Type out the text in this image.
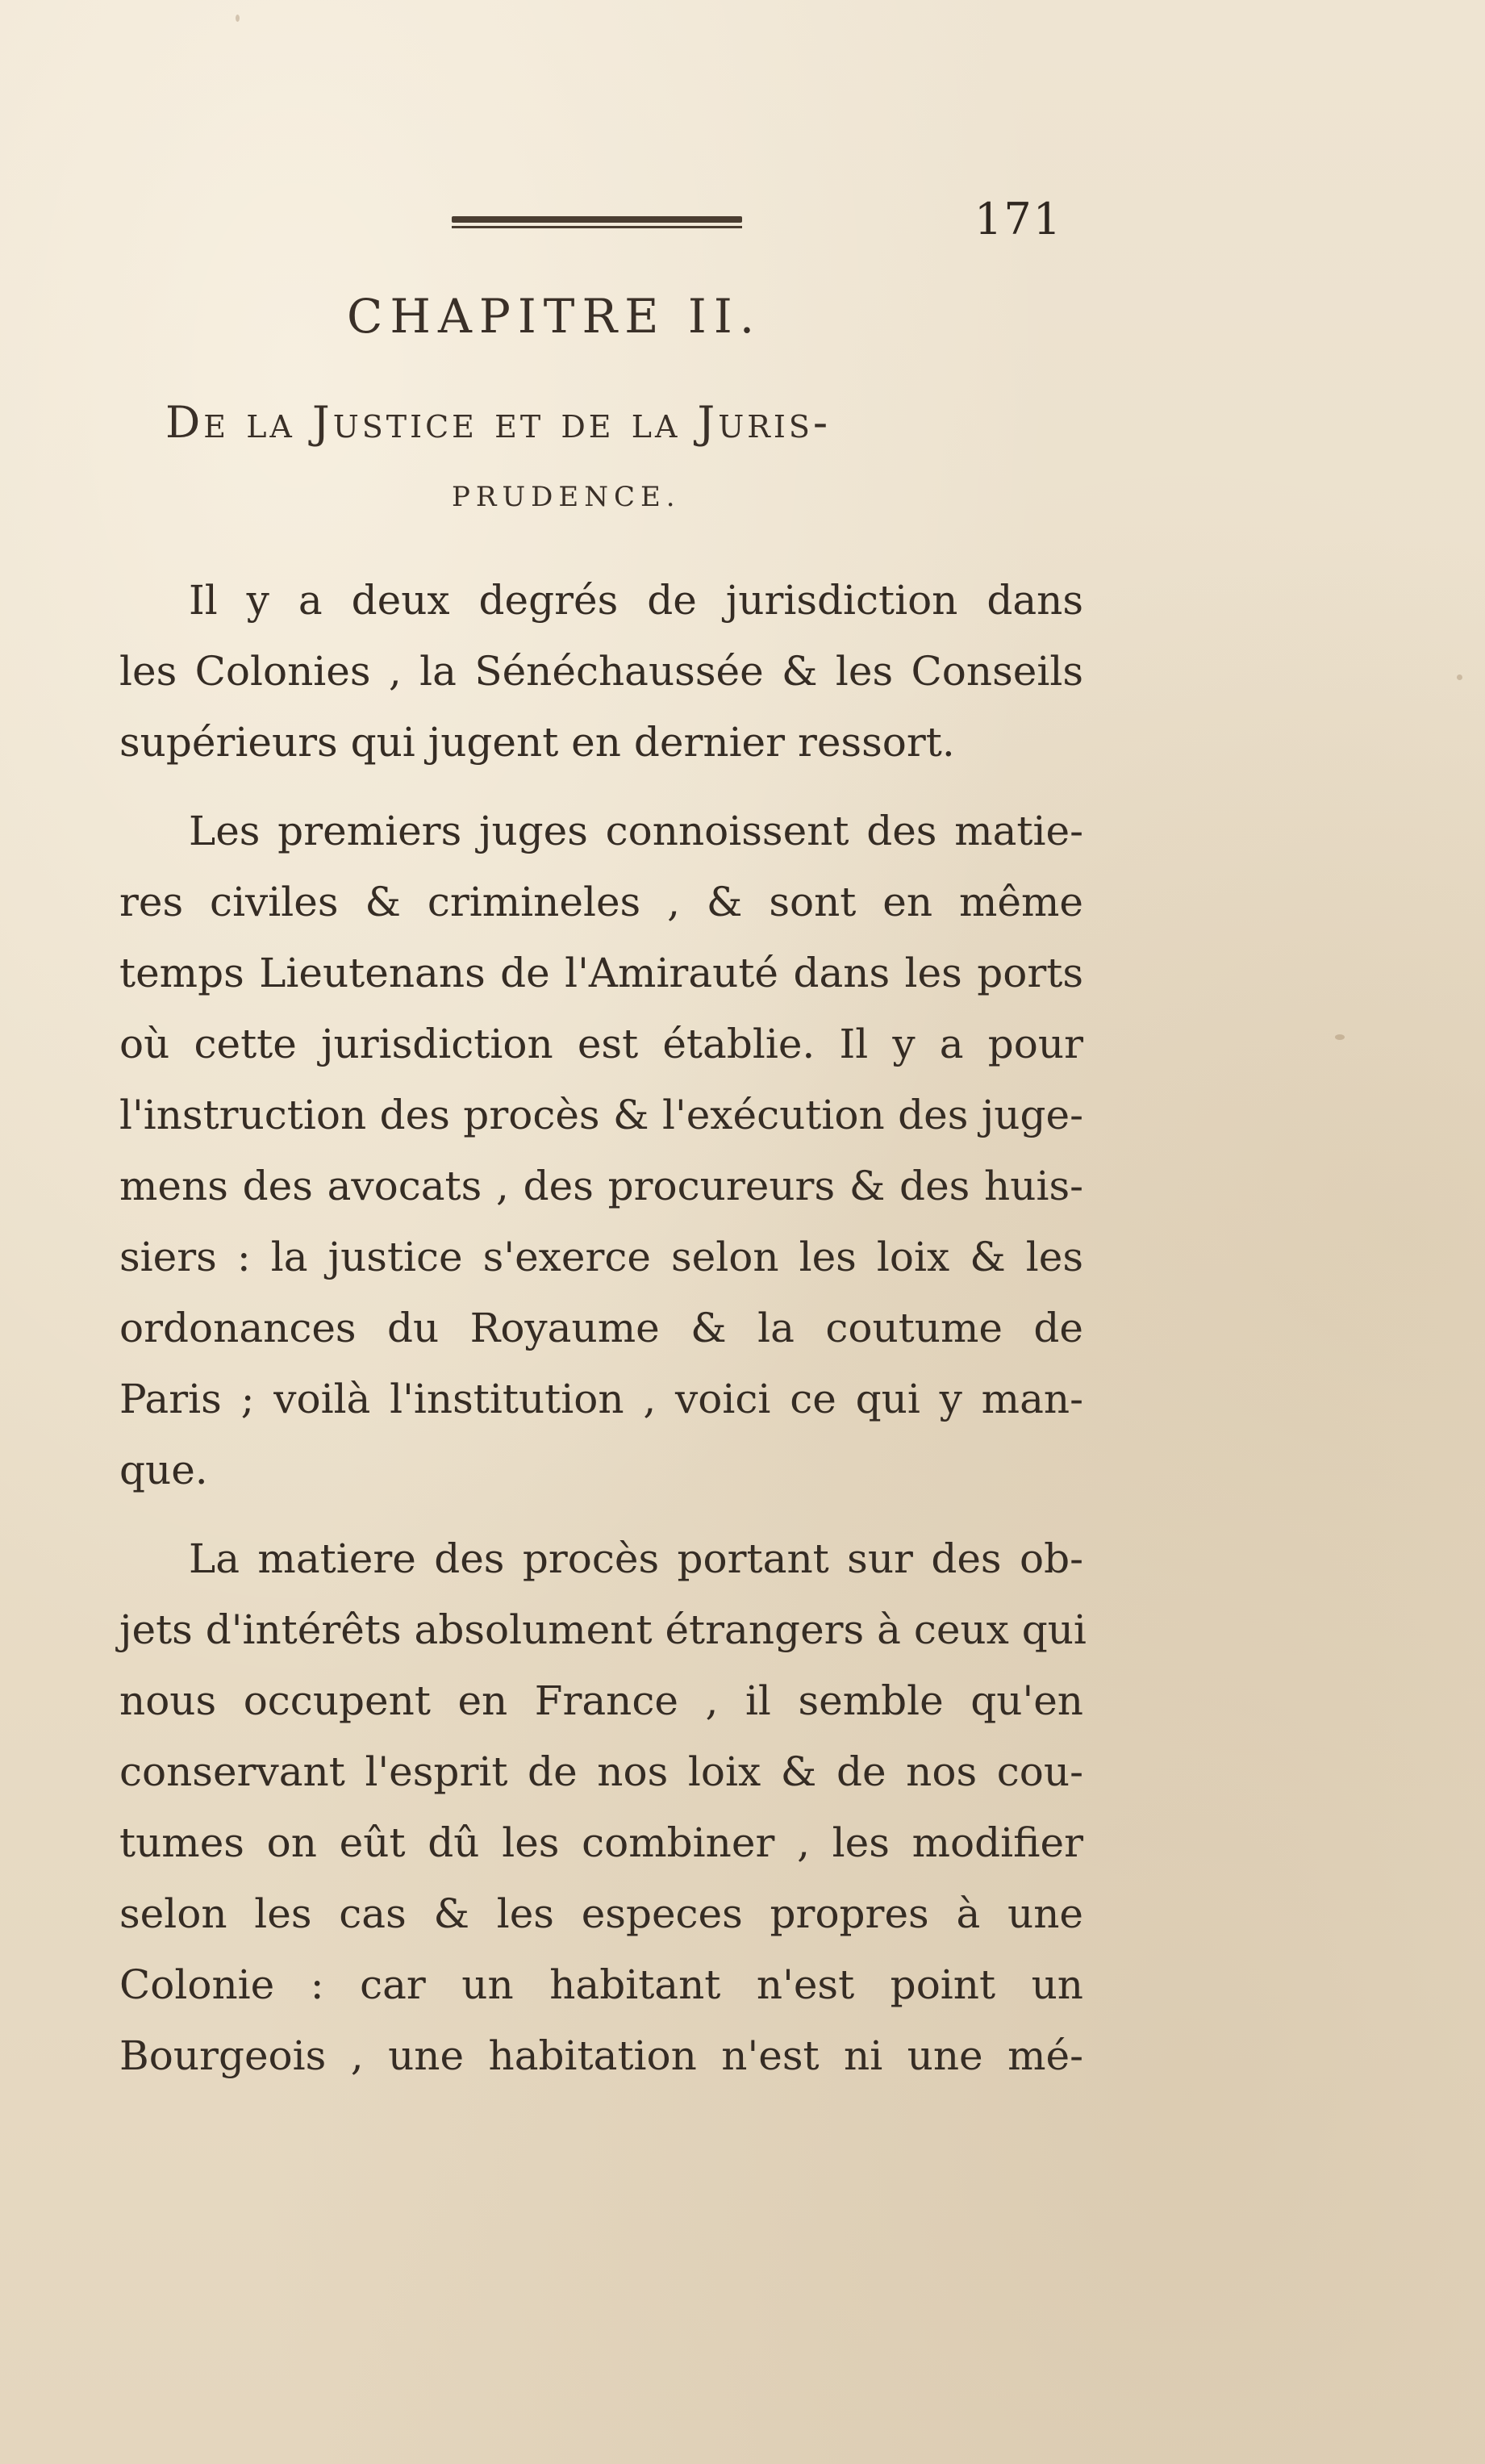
171
CHAPITRE II.
De la Justice et de la Juris-
PRUDENCE.
Il y a deux degrés de jurisdiction dans
les Colonies , la Sénéchaussée & les Conseils
supérieurs qui jugent en dernier ressort.
Les premiers juges connoissent des matie-
res civiles & crimineles , & sont en même
temps Lieutenans de l'Amirauté dans les ports
où cette jurisdiction est établie. Il y a pour
l'instruction des procès & l'exécution des juge-
mens des avocats , des procureurs & des huis-
siers : la justice s'exerce selon les loix & les
ordonances du Royaume & la coutume de
Paris ; voilà l'institution , voici ce qui y man-
que.
La matiere des procès portant sur des ob-
jets d'intérêts absolument étrangers à ceux qui
nous occupent en France , il semble qu'en
conservant l'esprit de nos loix & de nos cou-
tumes on eût dû les combiner , les modifier
selon les cas & les especes propres à une
Colonie : car un habitant n'est point un
Bourgeois , une habitation n'est ni une mé-
